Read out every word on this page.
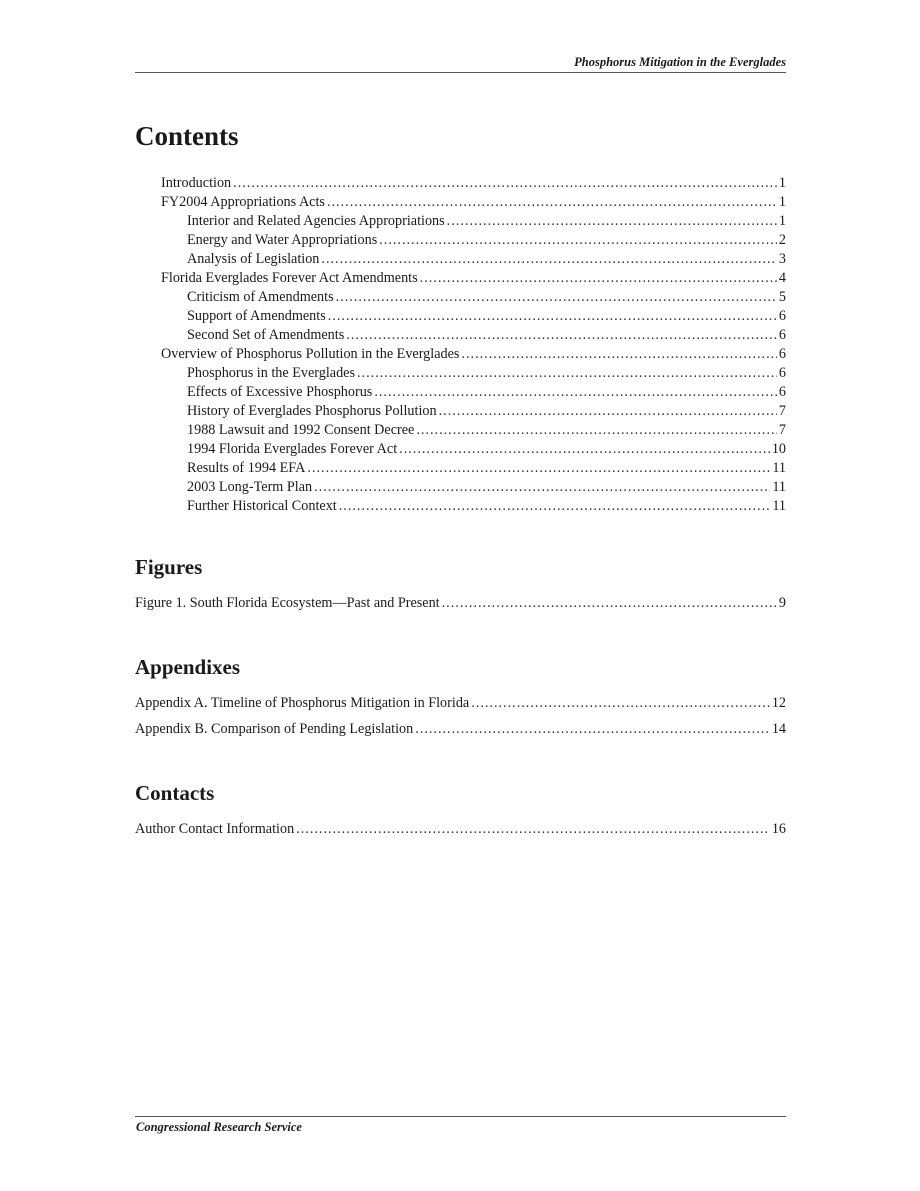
Phosphorus Mitigation in the Everglades
Contents
Introduction .....	1
FY2004 Appropriations Acts .....	1
Interior and Related Agencies Appropriations .....	1
Energy and Water Appropriations .....	2
Analysis of Legislation .....	3
Florida Everglades Forever Act Amendments .....	4
Criticism of Amendments .....	5
Support of Amendments .....	6
Second Set of Amendments .....	6
Overview of Phosphorus Pollution in the Everglades .....	6
Phosphorus in the Everglades .....	6
Effects of Excessive Phosphorus .....	6
History of Everglades Phosphorus Pollution .....	7
1988 Lawsuit and 1992 Consent Decree .....	7
1994 Florida Everglades Forever Act .....	10
Results of 1994 EFA .....	11
2003 Long-Term Plan .....	11
Further Historical Context .....	11
Figures
Figure 1. South Florida Ecosystem—Past and Present .....	9
Appendixes
Appendix A. Timeline of Phosphorus Mitigation in Florida .....	12
Appendix B. Comparison of Pending Legislation .....	14
Contacts
Author Contact Information .....	16
Congressional Research Service
